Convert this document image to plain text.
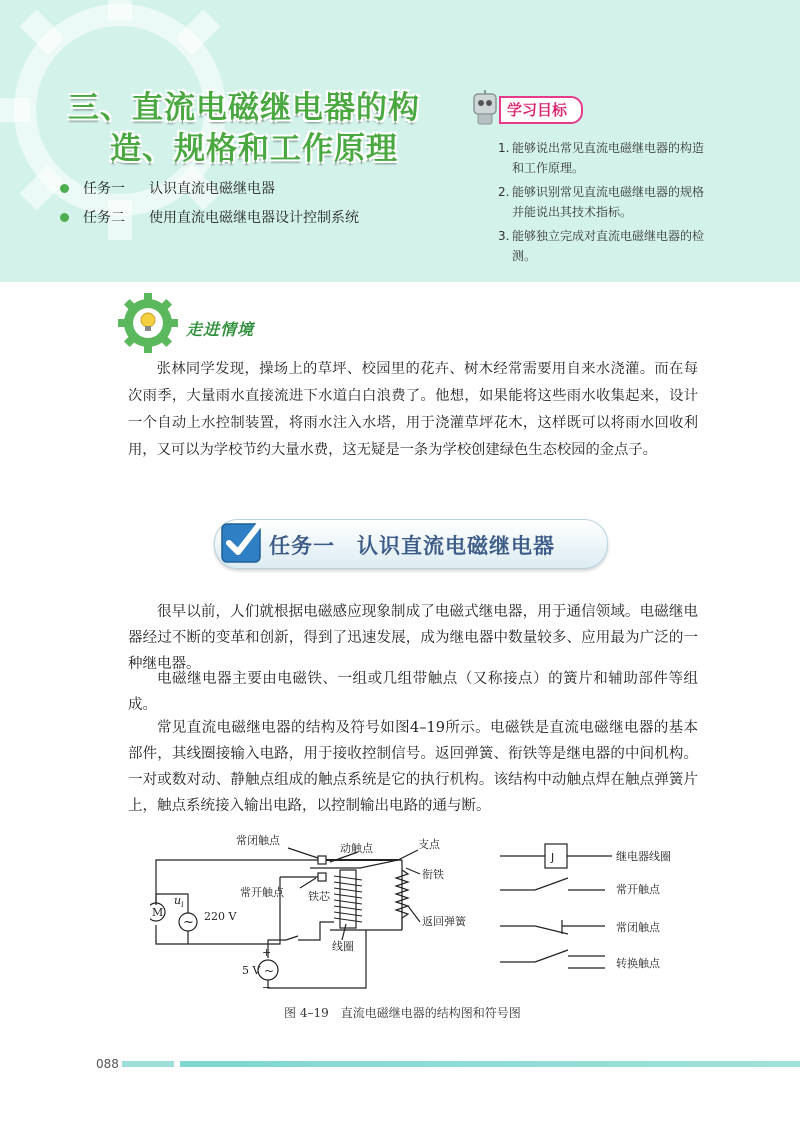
三、直流电磁继电器的构
造、规格和工作原理
任务一 认识直流电磁继电器
任务二 使用直流电磁继电器设计控制系统
学习目标
1. 能够说出常见直流电磁继电器的构造和工作原理。
2. 能够识别常见直流电磁继电器的规格并能说出其技术指标。
3. 能够独立完成对直流电磁继电器的检测。
走进情境

张林同学发现，操场上的草坪、校园里的花卉、树木经常需要用自来水浇灌。而在每次雨季，大量雨水直接流进下水道白白浪费了。他想，如果能将这些雨水收集起来，设计一个自动上水控制装置，将雨水注入水塔，用于浇灌草坪花木，这样既可以将雨水回收利用，又可以为学校节约大量水费，这无疑是一条为学校创建绿色生态校园的金点子。

任务一　认识直流电磁继电器

很早以前，人们就根据电磁感应现象制成了电磁式继电器，用于通信领域。电磁继电器经过不断的变革和创新，得到了迅速发展，成为继电器中数量较多、应用最为广泛的一种继电器。

电磁继电器主要由电磁铁、一组或几组带触点（又称接点）的簧片和辅助部件等组成。

常见直流电磁继电器的结构及符号如图4–19所示。电磁铁是直流电磁继电器的基本部件，其线圈接输入电路，用于接收控制信号。返回弹簧、衔铁等是继电器的中间机构。一对或数对动、静触点组成的触点系统是它的执行机构。该结构中动触点焊在触点弹簧片上，触点系统接入输出电路，以控制输出电路的通与断。

常闭触点
动触点	支点
衔铁
常开触点 铁芯
返回弹簧
线圈
M
$u_i$
~ 220 V
~
5 V
+
−
J	继电器线圈
常开触点
常闭触点
转换触点
图 4–19　直流电磁继电器的结构图和符号图
088
